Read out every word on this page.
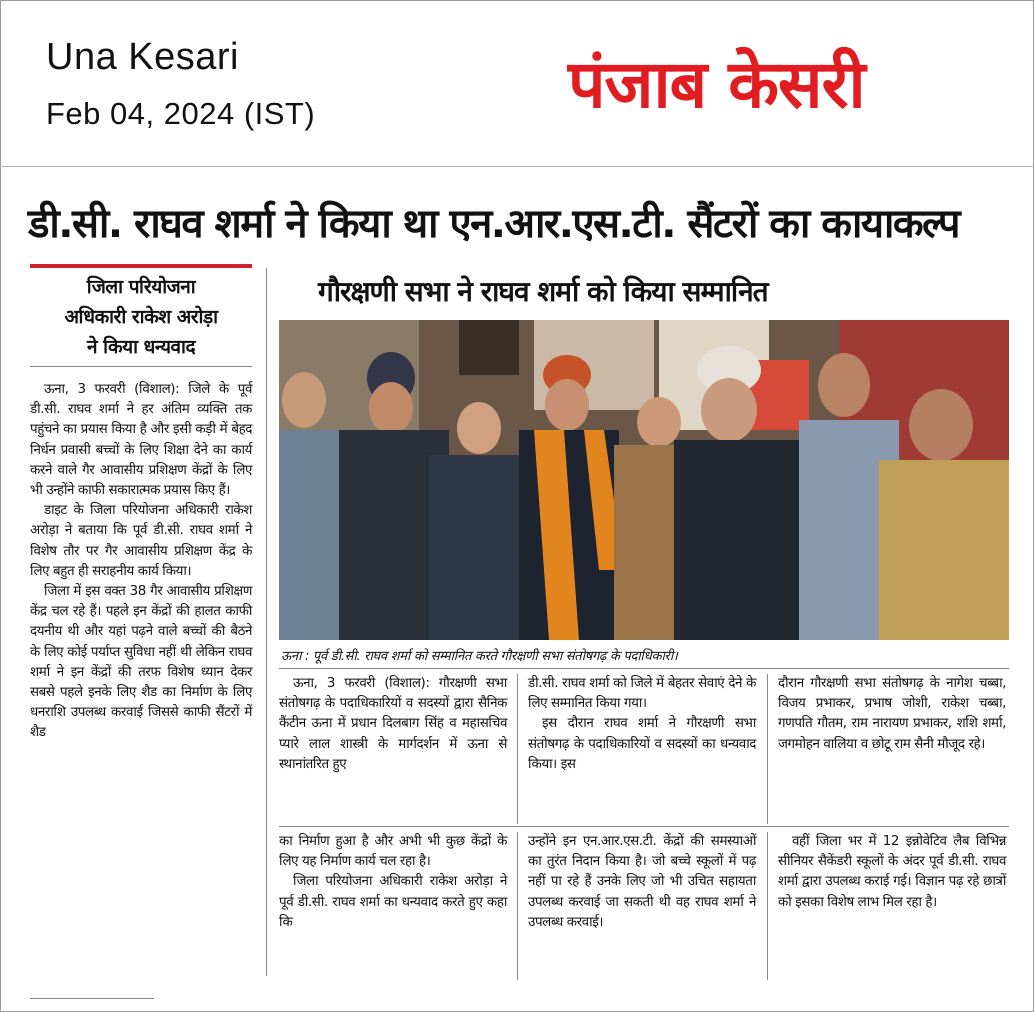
Una Kesari
Feb 04, 2024 (IST)	पंजाब केसरी
डी.सी. राघव शर्मा ने किया था एन.आर.एस.टी. सैंटरों का कायाकल्प
जिला परियोजना
अधिकारी राकेश अरोड़ा
ने किया धन्यवाद

ऊना, 3 फरवरी (विशाल): जिले के पूर्व डी.सी. राघव शर्मा ने हर अंतिम व्यक्ति तक पहुंचने का प्रयास किया है और इसी कड़ी में बेहद निर्धन प्रवासी बच्चों के लिए शिक्षा देने का कार्य करने वाले गैर आवासीय प्रशिक्षण केंद्रों के लिए भी उन्होंने काफी सकारात्मक प्रयास किए हैं।

डाइट के जिला परियोजना अधिकारी राकेश अरोड़ा ने बताया कि पूर्व डी.सी. राघव शर्मा ने विशेष तौर पर गैर आवासीय प्रशिक्षण केंद्र के लिए बहुत ही सराहनीय कार्य किया।

जिला में इस वक्त 38 गैर आवासीय प्रशिक्षण केंद्र चल रहे हैं। पहले इन केंद्रों की हालत काफी दयनीय थी और यहां पढ़ने वाले बच्चों की बैठने के लिए कोई पर्याप्त सुविधा नहीं थी लेकिन राघव शर्मा ने इन केंद्रों की तरफ विशेष ध्यान देकर सबसे पहले इनके लिए शैड का निर्माण के लिए धनराशि उपलब्ध करवाई जिससे काफी सैंटरों में शैड

गौरक्षणी सभा ने राघव शर्मा को किया सम्मानित
ऊना : पूर्व डी.सी. राघव शर्मा को सम्मानित करते गौरक्षणी सभा संतोषगढ़ के पदाधिकारी।

ऊना, 3 फरवरी (विशाल): गौरक्षणी सभा संतोषगढ़ के पदाधिकारियों व सदस्यों द्वारा सैनिक कैंटीन ऊना में प्रधान दिलबाग सिंह व महासचिव प्यारे लाल शास्त्री के मार्गदर्शन में ऊना से स्थानांतरित हुए

डी.सी. राघव शर्मा को जिले में बेहतर सेवाएं देने के लिए सम्मानित किया गया।

इस दौरान राघव शर्मा ने गौरक्षणी सभा संतोषगढ़ के पदाधिकारियों व सदस्यों का धन्यवाद किया। इस

दौरान गौरक्षणी सभा संतोषगढ़ के नागेश चब्बा, विजय प्रभाकर, प्रभाष जोशी, राकेश चब्बा, गणपति गौतम, राम नारायण प्रभाकर, शशि शर्मा, जगमोहन वालिया व छोटू राम सैनी मौजूद रहे।

का निर्माण हुआ है और अभी भी कुछ केंद्रों के लिए यह निर्माण कार्य चल रहा है।

जिला परियोजना अधिकारी राकेश अरोड़ा ने पूर्व डी.सी. राघव शर्मा का धन्यवाद करते हुए कहा कि

उन्होंने इन एन.आर.एस.टी. केंद्रों की समस्याओं का तुरंत निदान किया है। जो बच्चे स्कूलों में पढ़ नहीं पा रहे हैं उनके लिए जो भी उचित सहायता उपलब्ध करवाई जा सकती थी वह राघव शर्मा ने उपलब्ध करवाई।

वहीं जिला भर में 12 इन्नोवेटिव लैब विभिन्न सीनियर सैकेंडरी स्कूलों के अंदर पूर्व डी.सी. राघव शर्मा द्वारा उपलब्ध कराई गई। विज्ञान पढ़ रहे छात्रों को इसका विशेष लाभ मिल रहा है।
